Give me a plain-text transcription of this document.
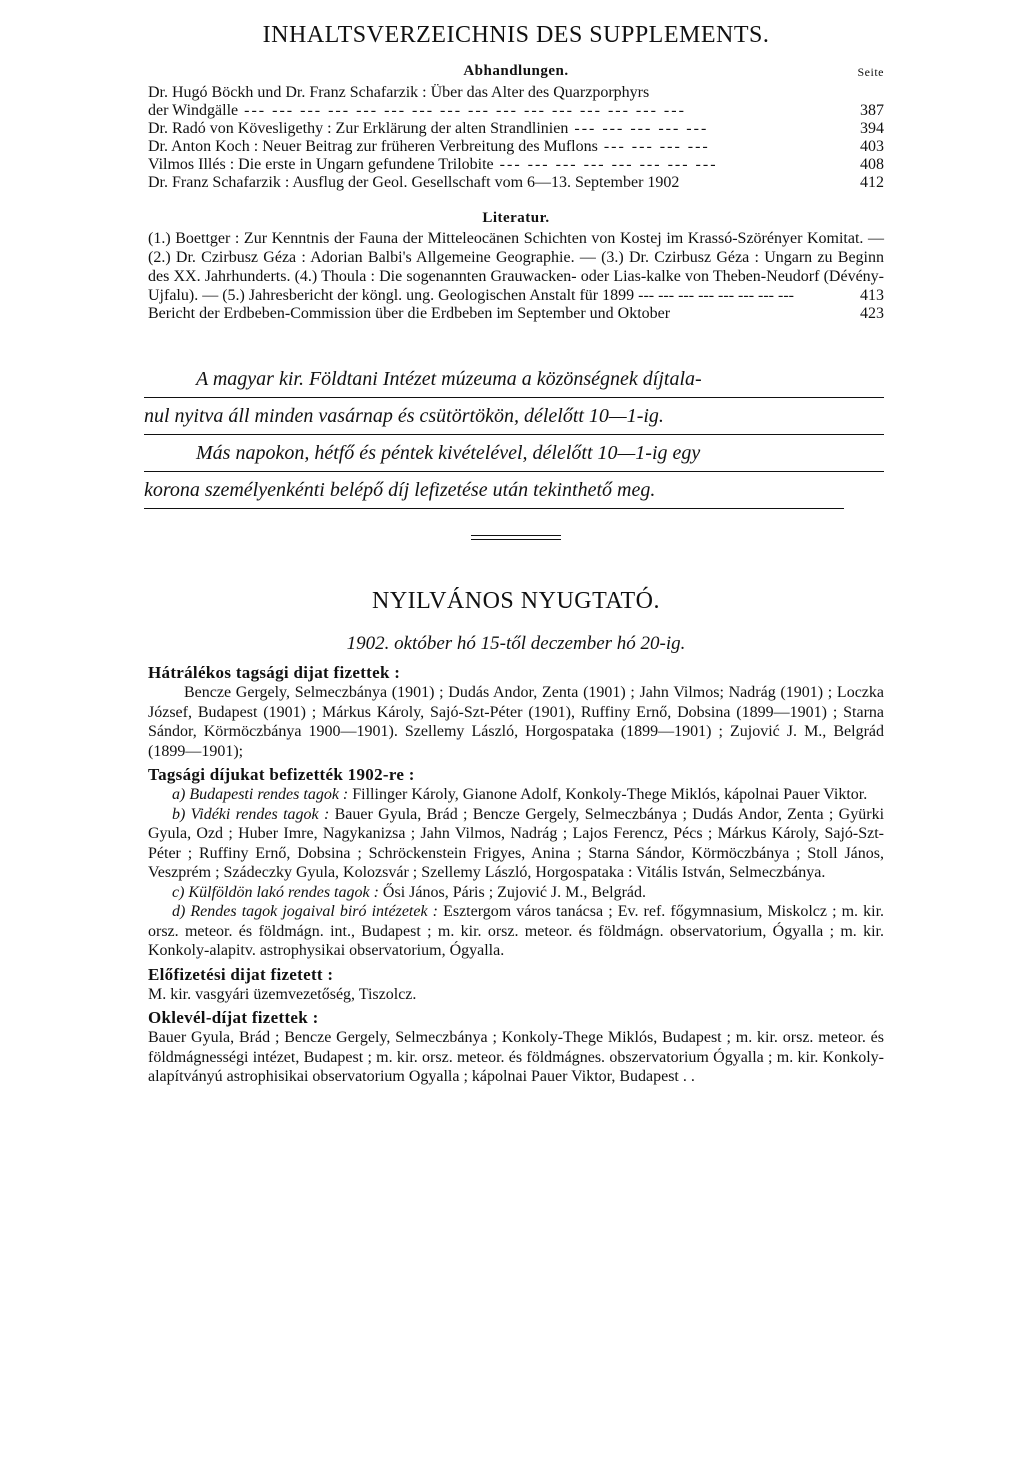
INHALTSVERZEICHNIS DES SUPPLEMENTS.
Abhandlungen.	Seite
Dr. Hugó Böckh und Dr. Franz Schafarzik : Über das Alter des Quarzporphyrs
der Windgälle --- --- --- --- --- --- --- --- --- --- --- --- --- --- --- ---	387
Dr. Radó von Kövesligethy : Zur Erklärung der alten Strandlinien --- --- --- --- ---	394
Dr. Anton Koch : Neuer Beitrag zur früheren Verbreitung des Muflons --- --- --- ---	403
Vilmos Illés : Die erste in Ungarn gefundene Trilobite --- --- --- --- --- --- --- ---	408
Dr. Franz Schafarzik : Ausflug der Geol. Gesellschaft vom 6—13. September 1902	412
Literatur.
(1.) Boettger : Zur Kenntnis der Fauna der Mitteleocänen Schichten von Kostej im Krassó-Szörényer Komitat. — (2.) Dr. Czirbusz Géza : Adorian Balbi's Allgemeine Geographie. — (3.) Dr. Czirbusz Géza : Ungarn zu Beginn des XX. Jahrhunderts. (4.) Thoula : Die sogenannten Grauwacken- oder Lias-kalke von Theben-Neudorf (Dévény-Ujfalu). — (5.) Jahresbericht der köngl. ung. Geologischen Anstalt für 1899 --- --- --- --- --- --- --- ---	413
Bericht der Erdbeben-Commission über die Erdbeben im September und Oktober	423
A magyar kir. Földtani Intézet múzeuma a közönségnek díjtala-
nul nyitva áll minden vasárnap és csütörtökön, délelőtt 10—1-ig.
Más napokon, hétfő és péntek kivételével, délelőtt 10—1-ig egy
korona személyenkénti belépő díj lefizetése után tekinthető meg.
NYILVÁNOS NYUGTATÓ.
1902. október hó 15-től deczember hó 20-ig.
Hátrálékos tagsági dijat fizettek :

Bencze Gergely, Selmeczbánya (1901) ; Dudás Andor, Zenta (1901) ; Jahn Vilmos; Nadrág (1901) ; Loczka József, Budapest (1901) ; Márkus Károly, Sajó-Szt-Péter (1901), Ruffiny Ernő, Dobsina (1899—1901) ; Starna Sándor, Körmöczbánya 1900—1901). Szellemy László, Horgospataka (1899—1901) ; Zujović J. M., Belgrád (1899—1901);

Tagsági díjukat befizették 1902-re :

a) Budapesti rendes tagok : Fillinger Károly, Gianone Adolf, Konkoly-Thege Miklós, kápolnai Pauer Viktor.

b) Vidéki rendes tagok : Bauer Gyula, Brád ; Bencze Gergely, Selmeczbánya ; Dudás Andor, Zenta ; Gyürki Gyula, Ozd ; Huber Imre, Nagykanizsa ; Jahn Vilmos, Nadrág ; Lajos Ferencz, Pécs ; Márkus Károly, Sajó-Szt-Péter ; Ruffiny Ernő, Dobsina ; Schröckenstein Frigyes, Anina ; Starna Sándor, Körmöczbánya ; Stoll János, Veszprém ; Szádeczky Gyula, Kolozsvár ; Szellemy László, Horgospataka : Vitális István, Selmeczbánya.

c) Külföldön lakó rendes tagok : Ősi János, Páris ; Zujović J. M., Belgrád.

d) Rendes tagok jogaival biró intézetek : Esztergom város tanácsa ; Ev. ref. főgymnasium, Miskolcz ; m. kir. orsz. meteor. és földmágn. int., Budapest ; m. kir. orsz. meteor. és földmágn. observatorium, Ógyalla ; m. kir. Konkoly-alapitv. astrophysikai observatorium, Ógyalla.

Előfizetési dijat fizetett :

M. kir. vasgyári üzemvezetőség, Tiszolcz.

Oklevél-díjat fizettek :

Bauer Gyula, Brád ; Bencze Gergely, Selmeczbánya ; Konkoly-Thege Miklós, Budapest ; m. kir. orsz. meteor. és földmágnességi intézet, Budapest ; m. kir. orsz. meteor. és földmágnes. obszervatorium Ógyalla ; m. kir. Konkoly-alapítványú astrophisikai observatorium Ogyalla ; kápolnai Pauer Viktor, Budapest . .
